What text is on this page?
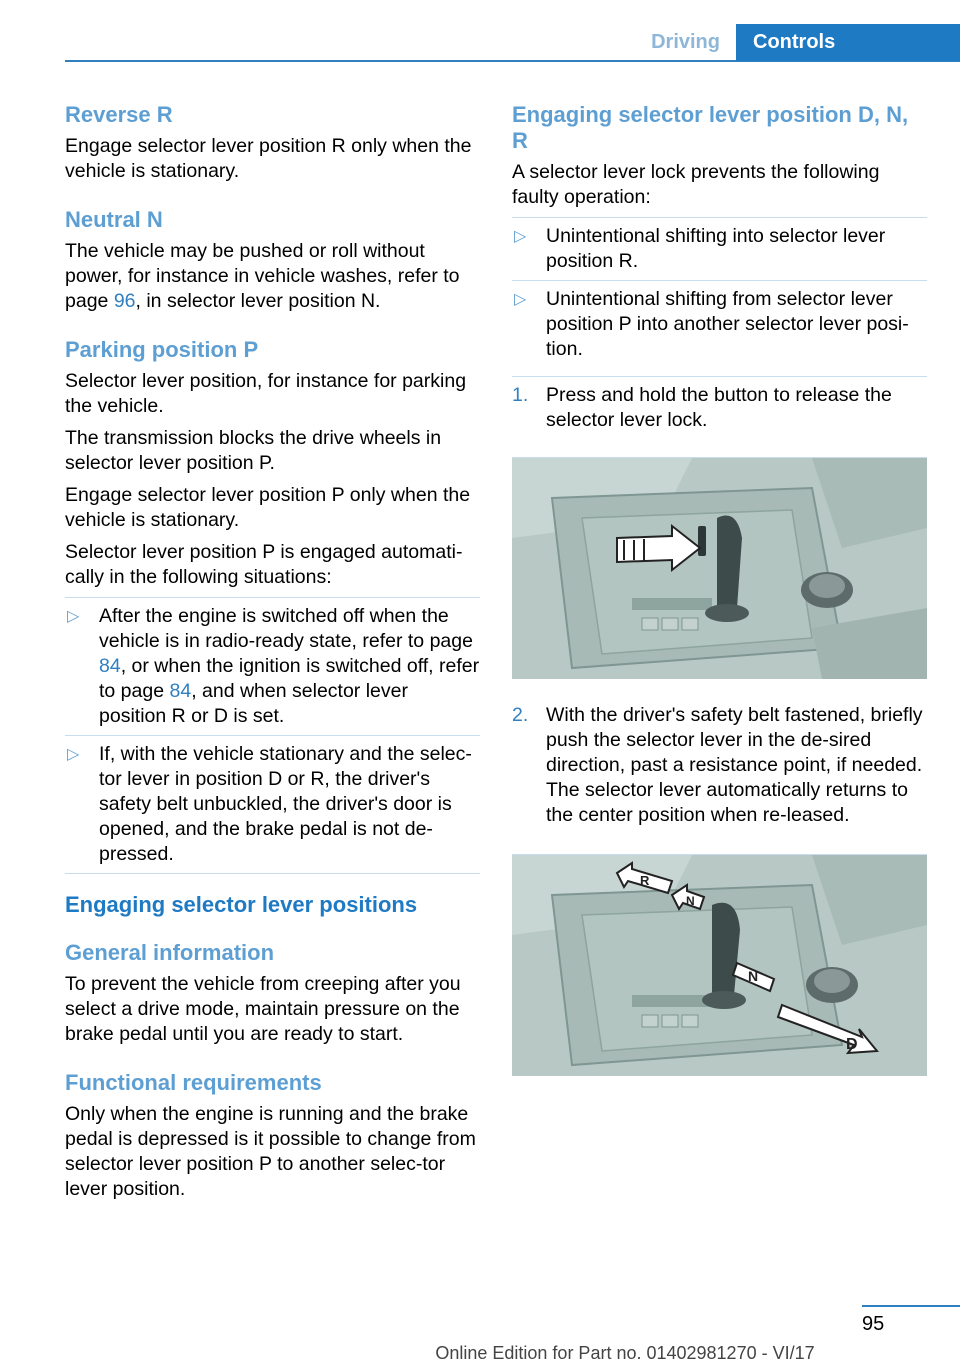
Driving	Controls
Reverse R

Engage selector lever position R only when the vehicle is stationary.

Neutral N

The vehicle may be pushed or roll without power, for instance in vehicle washes, refer to page 96, in selector lever position N.

Parking position P

Selector lever position, for instance for parking the vehicle.

The transmission blocks the drive wheels in selector lever position P.

Engage selector lever position P only when the vehicle is stationary.

Selector lever position P is engaged automati‐cally in the following situations:

▷ After the engine is switched off when the vehicle is in radio-ready state, refer to page 84, or when the ignition is switched off, refer to page 84, and when selector lever position R or D is set.
▷ If, with the vehicle stationary and the selec‐tor lever in position D or R, the driver's safety belt unbuckled, the driver's door is opened, and the brake pedal is not de‐pressed.
Engaging selector lever positions
General information

To prevent the vehicle from creeping after you select a drive mode, maintain pressure on the brake pedal until you are ready to start.

Functional requirements

Only when the engine is running and the brake pedal is depressed is it possible to change from selector lever position P to another selec‐tor lever position.

Engaging selector lever position D, N, R

A selector lever lock prevents the following faulty operation:

▷ Unintentional shifting into selector lever position R.
▷ Unintentional shifting from selector lever position P into another selector lever posi‐tion.
1. Press and hold the button to release the selector lever lock.
2. With the driver's safety belt fastened, briefly push the selector lever in the de‐sired direction, past a resistance point, if needed. The selector lever automatically returns to the center position when re‐leased.
R
N
N
D
95
Online Edition for Part no. 01402981270 - VI/17
